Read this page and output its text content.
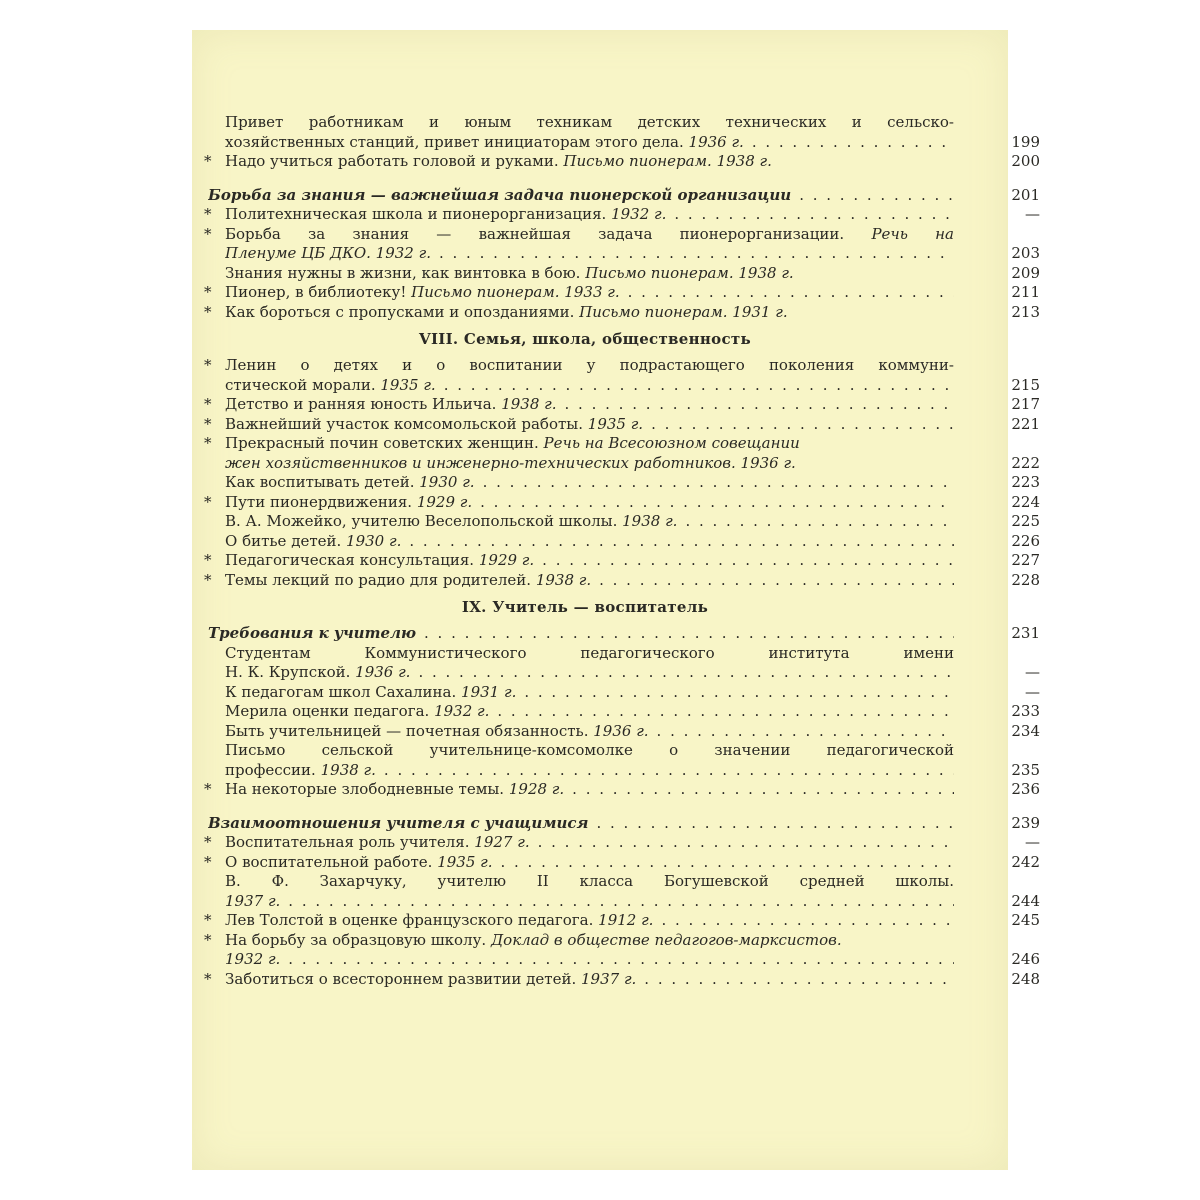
Привет работникам и юным техникам детских технических и сельско-
хозяйственных станций, привет инициаторам этого дела. 1936 г. . . .	199
* Надо учиться работать головой и руками. Письмо пионерам. 1938 г.	200
Борьба за знания — важнейшая задача пионерской организации . . .	201
* Политехническая школа и пионерорганизация. 1932 г. . . .	—
* Борьба за знания — важнейшая задача пионерорганизации. Речь на
Пленуме ЦБ ДКО. 1932 г. . . .	203
Знания нужны в жизни, как винтовка в бою. Письмо пионерам. 1938 г.	209
* Пионер, в библиотеку! Письмо пионерам. 1933 г. . . .	211
* Как бороться с пропусками и опозданиями. Письмо пионерам. 1931 г.	213
VIII. Семья, школа, общественность
* Ленин о детях и о воспитании у подрастающего поколения коммуни-
стической морали. 1935 г. . . .	215
* Детство и ранняя юность Ильича. 1938 г. . . .	217
* Важнейший участок комсомольской работы. 1935 г. . . .	221
* Прекрасный почин советских женщин. Речь на Всесоюзном совещании
жен хозяйственников и инженерно-технических работников. 1936 г.	222
Как воспитывать детей. 1930 г. . . .	223
* Пути пионердвижения. 1929 г. . . .	224
В. А. Можейко, учителю Веселопольской школы. 1938 г. . . .	225
О битье детей. 1930 г. . . .	226
* Педагогическая консультация. 1929 г. . . .	227
* Темы лекций по радио для родителей. 1938 г. . . .	228
IX. Учитель — воспитатель
Требования к учителю . . .	231
Студентам Коммунистического педагогического института имени
Н. К. Крупской. 1936 г. . . .	—
К педагогам школ Сахалина. 1931 г. . . .	—
Мерила оценки педагога. 1932 г. . . .	233
Быть учительницей — почетная обязанность. 1936 г. . . .	234
Письмо сельской учительнице-комсомолке о значении педагогической
профессии. 1938 г. . . .	235
* На некоторые злободневные темы. 1928 г. . . .	236
Взаимоотношения учителя с учащимися . . .	239
* Воспитательная роль учителя. 1927 г. . . .	—
* О воспитательной работе. 1935 г. . . .	242
В. Ф. Захарчуку, учителю II класса Богушевской средней школы.
1937 г. . . .	244
* Лев Толстой в оценке французского педагога. 1912 г. . . .	245
* На борьбу за образцовую школу. Доклад в обществе педагогов-марксистов.
1932 г. . . .	246
* Заботиться о всестороннем развитии детей. 1937 г. . . .	248
